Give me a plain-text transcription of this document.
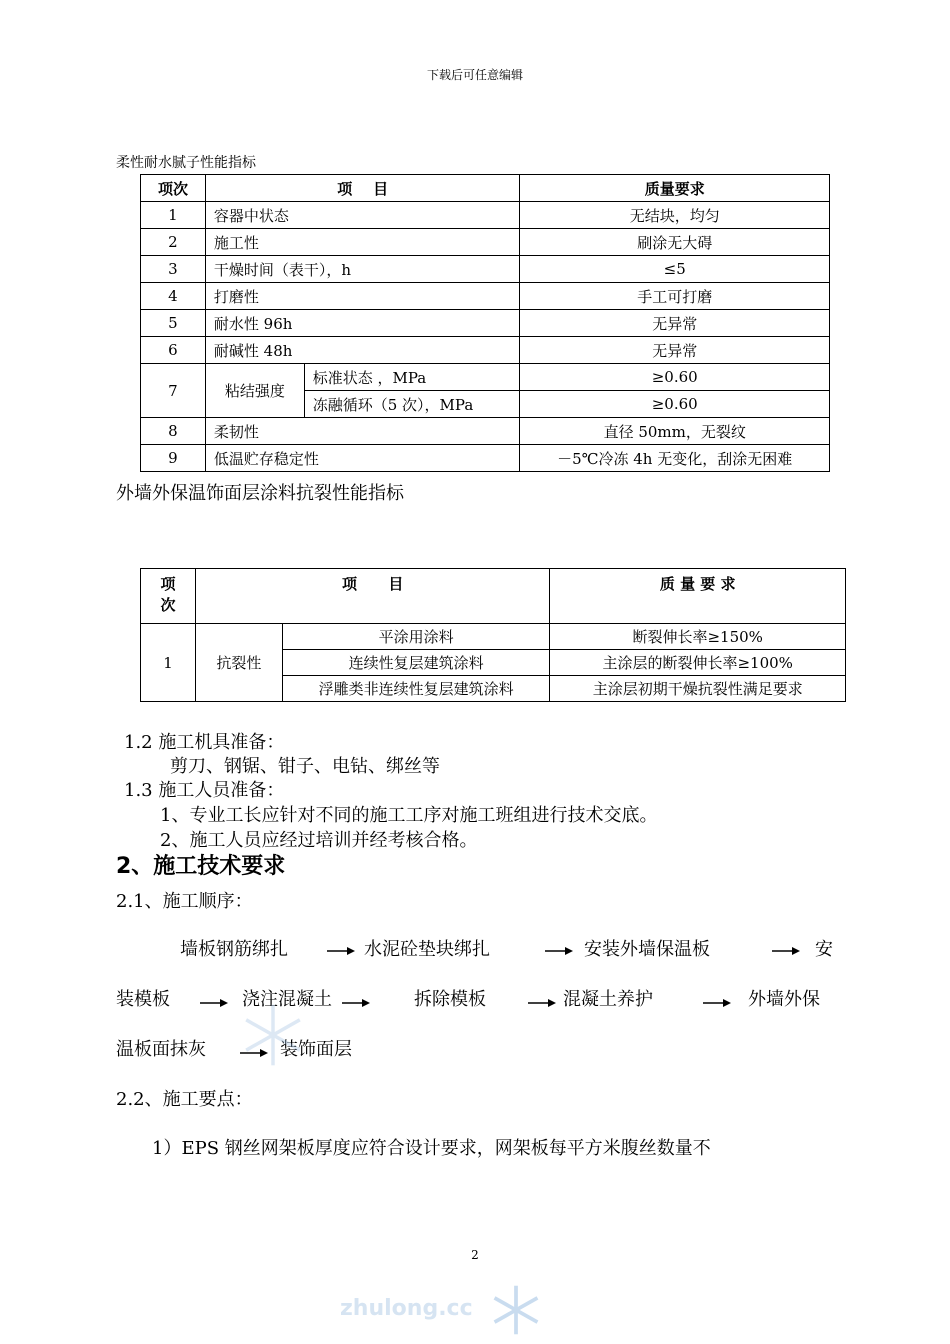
下载后可任意编辑
柔性耐水腻子性能指标
项次	项    目		质量要求
1	容器中状态		无结块，均匀
2	施工性		刷涂无大碍
3	干燥时间（表干），h		≤5
4	打磨性		手工可打磨
5	耐水性 96h		无异常
6	耐碱性 48h		无异常
7	粘结强度	标准状态 ，MPa	≥0.60
		冻融循环（5 次），MPa	≥0.60
8	柔韧性		直径 50mm，无裂纹
9	低温贮存稳定性		－5℃冷冻 4h 无变化，刮涂无困难
外墙外保温饰面层涂料抗裂性能指标
项
次	项      目		质 量 要 求
1	抗裂性	平涂用涂料	断裂伸长率≥150%
		连续性复层建筑涂料	主涂层的断裂伸长率≥100%
		浮雕类非连续性复层建筑涂料	主涂层初期干燥抗裂性满足要求
1.2 施工机具准备：
剪刀、钢锯、钳子、电钻、绑丝等
1.3 施工人员准备：
1、专业工长应针对不同的施工工序对施工班组进行技术交底。
2、施工人员应经过培训并经考核合格。
2、施工技术要求
2.1、施工顺序：
墙板钢筋绑扎	水泥砼垫块绑扎	安装外墙保温板	安
装模板	浇注混凝土	拆除模板	混凝土养护	外墙外保
温板面抹灰	装饰面层
2.2、施工要点：
1）EPS 钢丝网架板厚度应符合设计要求，网架板每平方米腹丝数量不
2
zhulong.cc
